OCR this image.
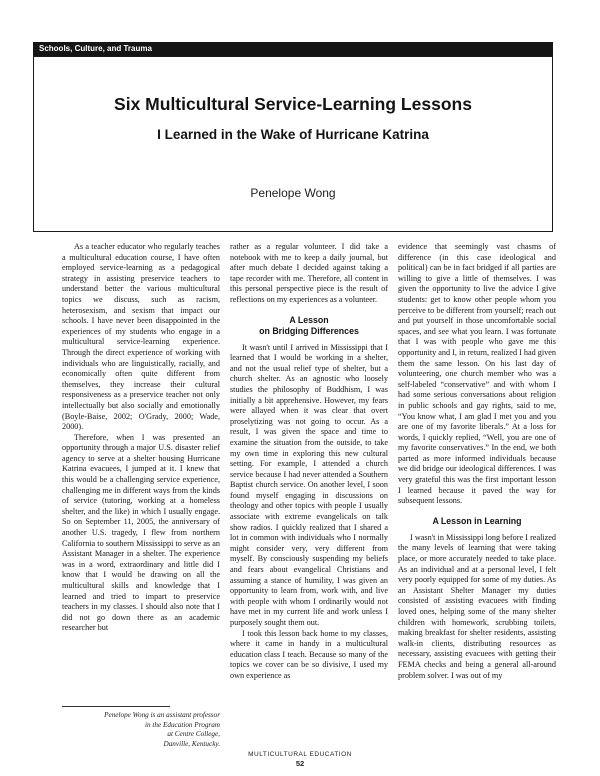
Schools, Culture, and Trauma
Six Multicultural Service-Learning Lessons
I Learned in the Wake of Hurricane Katrina
Penelope Wong

As a teacher educator who regularly teaches a multicultural education course, I have often employed service-learning as a pedagogical strategy in assisting preservice teachers to understand better the various multicultural topics we discuss, such as racism, heterosexism, and sexism that impact our schools. I have never been disappointed in the experiences of my students who engage in a multicultural service-learning experience. Through the direct experience of working with individuals who are linguistically, racially, and economically often quite different from themselves, they increase their cultural responsiveness as a preservice teacher not only intellectually but also socially and emotionally (Boyle-Baise, 2002; O'Grady, 2000; Wade, 2000).

Therefore, when I was presented an opportunity through a major U.S. disaster relief agency to serve at a shelter housing Hurricane Katrina evacuees, I jumped at it. I knew that this would be a challenging service experience, challenging me in different ways from the kinds of service (tutoring, working at a homeless shelter, and the like) in which I usually engage. So on September 11, 2005, the anniversary of another U.S. tragedy, I flew from northern California to southern Mississippi to serve as an Assistant Manager in a shelter. The experience was in a word, extraordinary and little did I know that I would be drawing on all the multicultural skills and knowledge that I learned and tried to impart to preservice teachers in my classes. I should also note that I did not go down there as an academic researcher but

rather as a regular volunteer. I did take a notebook with me to keep a daily journal, but after much debate I decided against taking a tape recorder with me. Therefore, all content in this personal perspective piece is the result of reflections on my experiences as a volunteer.

A Lesson
on Bridging Differences

It wasn't until I arrived in Mississippi that I learned that I would be working in a shelter, and not the usual relief type of shelter, but a church shelter. As an agnostic who loosely studies the philosophy of Buddhism, I was initially a bit apprehensive. However, my fears were allayed when it was clear that overt proselytizing was not going to occur. As a result, I was given the space and time to examine the situation from the outside, to take my own time in exploring this new cultural setting. For example, I attended a church service because I had never attended a Southern Baptist church service. On another level, I soon found myself engaging in discussions on theology and other topics with people I usually associate with extreme evangelicals on talk show radios. I quickly realized that I shared a lot in common with individuals who I normally might consider very, very different from myself. By consciously suspending my beliefs and fears about evangelical Christians and assuming a stance of humility, I was given an opportunity to learn from, work with, and live with people with whom I ordinarily would not have met in my current life and work unless I purposely sought them out.

I took this lesson back home to my classes, where it came in handy in a multicultural education class I teach. Because so many of the topics we cover can be so divisive, I used my own experience as

evidence that seemingly vast chasms of difference (in this case ideological and political) can be in fact bridged if all parties are willing to give a little of themselves. I was given the opportunity to live the advice I give students: get to know other people whom you perceive to be different from yourself; reach out and put yourself in those uncomfortable social spaces, and see what you learn. I was fortunate that I was with people who gave me this opportunity and I, in return, realized I had given them the same lesson. On his last day of volunteering, one church member who was a self-labeled “conservative” and with whom I had some serious conversations about religion in public schools and gay rights, said to me, “You know what, I am glad I met you and you are one of my favorite liberals.” At a loss for words, I quickly replied, “Well, you are one of my favorite conservatives.” In the end, we both parted as more informed individuals because we did bridge our ideological differences. I was very grateful this was the first important lesson I learned because it paved the way for subsequent lessons.

A Lesson in Learning

I wasn't in Mississippi long before I realized the many levels of learning that were taking place, or more accurately needed to take place. As an individual and at a personal level, I felt very poorly equipped for some of my duties. As an Assistant Shelter Manager my duties consisted of assisting evacuees with finding loved ones, helping some of the many shelter children with homework, scrubbing toilets, making breakfast for shelter residents, assisting walk-in clients, distributing resources as necessary, assisting evacuees with getting their FEMA checks and being a general all-around problem solver. I was out of my

Penelope Wong is an assistant professor
in the Education Program
at Centre College,
Danville, Kentucky.
MULTICULTURAL EDUCATION
52
